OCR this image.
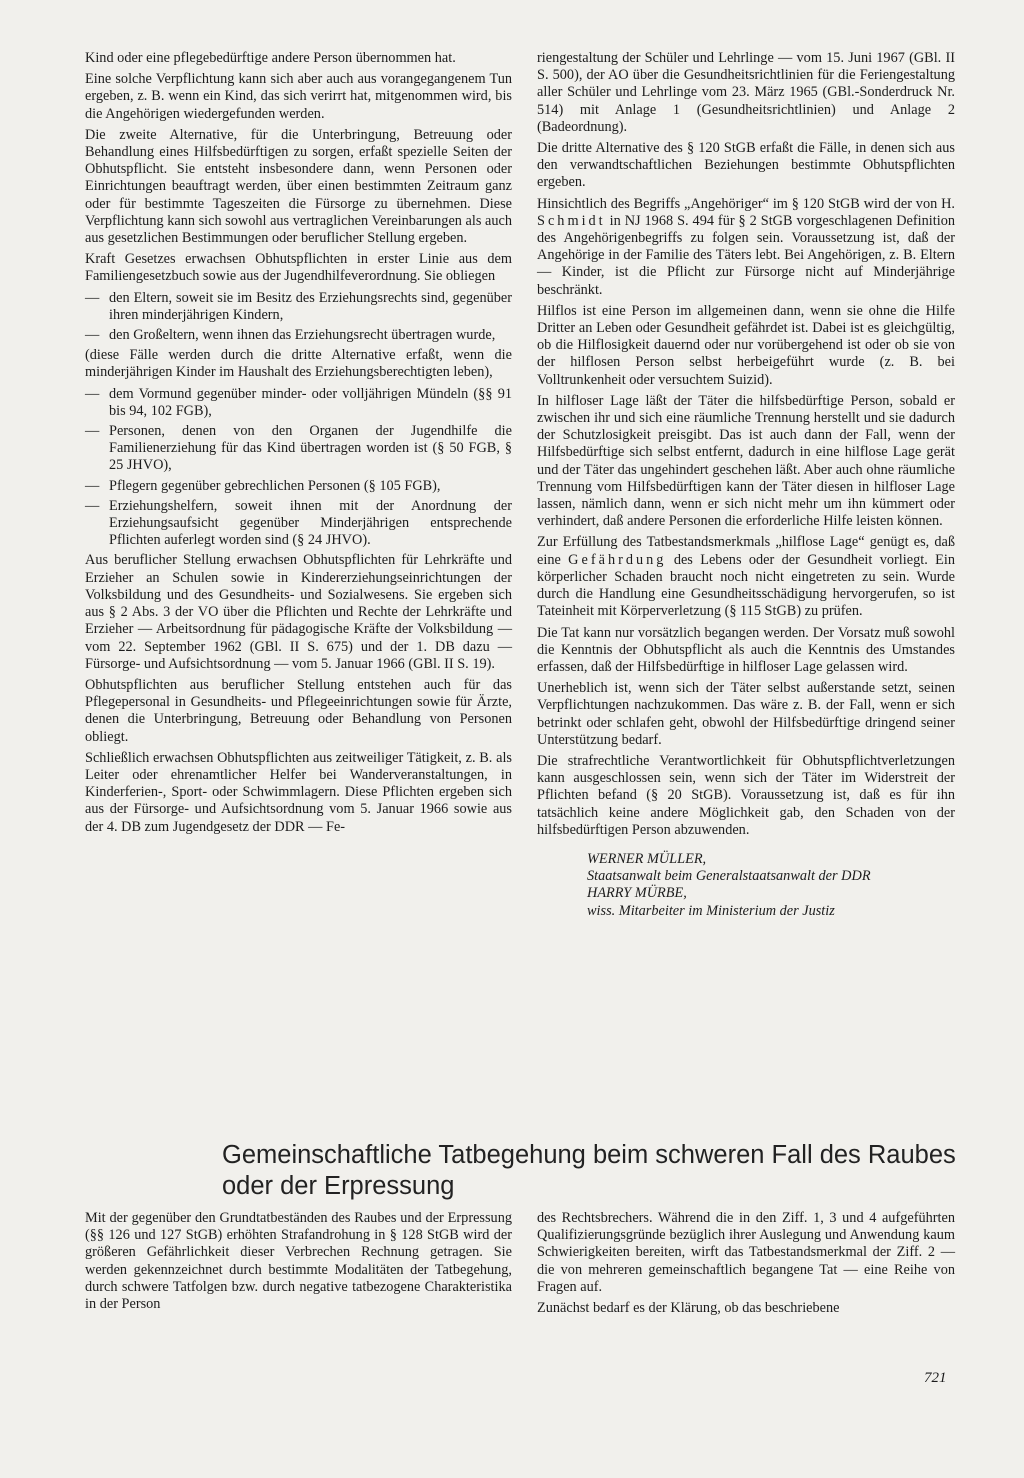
Kind oder eine pflegebedürftige andere Person übernommen hat.

Eine solche Verpflichtung kann sich aber auch aus vorangegangenem Tun ergeben, z. B. wenn ein Kind, das sich verirrt hat, mitgenommen wird, bis die Angehörigen wiedergefunden werden.

Die zweite Alternative, für die Unterbringung, Betreuung oder Behandlung eines Hilfsbedürftigen zu sorgen, erfaßt spezielle Seiten der Obhutspflicht. Sie entsteht insbesondere dann, wenn Personen oder Einrichtungen beauftragt werden, über einen bestimmten Zeitraum ganz oder für bestimmte Tageszeiten die Fürsorge zu übernehmen. Diese Verpflichtung kann sich sowohl aus vertraglichen Vereinbarungen als auch aus gesetzlichen Bestimmungen oder beruflicher Stellung ergeben.

Kraft Gesetzes erwachsen Obhutspflichten in erster Linie aus dem Familiengesetzbuch sowie aus der Jugendhilfeverordnung. Sie obliegen

— den Eltern, soweit sie im Besitz des Erziehungsrechts sind, gegenüber ihren minderjährigen Kindern,
— den Großeltern, wenn ihnen das Erziehungsrecht übertragen wurde,

(diese Fälle werden durch die dritte Alternative erfaßt, wenn die minderjährigen Kinder im Haushalt des Erziehungsberechtigten leben),

— dem Vormund gegenüber minder- oder volljährigen Mündeln (§§ 91 bis 94, 102 FGB),
— Personen, denen von den Organen der Jugendhilfe die Familienerziehung für das Kind übertragen worden ist (§ 50 FGB, § 25 JHVO),
— Pflegern gegenüber gebrechlichen Personen (§ 105 FGB),
— Erziehungshelfern, soweit ihnen mit der Anordnung der Erziehungsaufsicht gegenüber Minderjährigen entsprechende Pflichten auferlegt worden sind (§ 24 JHVO).

Aus beruflicher Stellung erwachsen Obhutspflichten für Lehrkräfte und Erzieher an Schulen sowie in Kindererziehungseinrichtungen der Volksbildung und des Gesundheits- und Sozialwesens. Sie ergeben sich aus § 2 Abs. 3 der VO über die Pflichten und Rechte der Lehrkräfte und Erzieher — Arbeitsordnung für pädagogische Kräfte der Volksbildung — vom 22. September 1962 (GBl. II S. 675) und der 1. DB dazu — Fürsorge- und Aufsichtsordnung — vom 5. Januar 1966 (GBl. II S. 19).

Obhutspflichten aus beruflicher Stellung entstehen auch für das Pflegepersonal in Gesundheits- und Pflegeeinrichtungen sowie für Ärzte, denen die Unterbringung, Betreuung oder Behandlung von Personen obliegt.

Schließlich erwachsen Obhutspflichten aus zeitweiliger Tätigkeit, z. B. als Leiter oder ehrenamtlicher Helfer bei Wanderveranstaltungen, in Kinderferien-, Sport- oder Schwimmlagern. Diese Pflichten ergeben sich aus der Fürsorge- und Aufsichtsordnung vom 5. Januar 1966 sowie aus der 4. DB zum Jugendgesetz der DDR — Fe-

riengestaltung der Schüler und Lehrlinge — vom 15. Juni 1967 (GBl. II S. 500), der AO über die Gesundheitsrichtlinien für die Feriengestaltung aller Schüler und Lehrlinge vom 23. März 1965 (GBl.-Sonderdruck Nr. 514) mit Anlage 1 (Gesundheitsrichtlinien) und Anlage 2 (Badeordnung).

Die dritte Alternative des § 120 StGB erfaßt die Fälle, in denen sich aus den verwandtschaftlichen Beziehungen bestimmte Obhutspflichten ergeben.

Hinsichtlich des Begriffs „Angehöriger“ im § 120 StGB wird der von H. Schmidt in NJ 1968 S. 494 für § 2 StGB vorgeschlagenen Definition des Angehörigenbegriffs zu folgen sein. Voraussetzung ist, daß der Angehörige in der Familie des Täters lebt. Bei Angehörigen, z. B. Eltern — Kinder, ist die Pflicht zur Fürsorge nicht auf Minderjährige beschränkt.

Hilflos ist eine Person im allgemeinen dann, wenn sie ohne die Hilfe Dritter an Leben oder Gesundheit gefährdet ist. Dabei ist es gleichgültig, ob die Hilflosigkeit dauernd oder nur vorübergehend ist oder ob sie von der hilflosen Person selbst herbeigeführt wurde (z. B. bei Volltrunkenheit oder versuchtem Suizid).

In hilfloser Lage läßt der Täter die hilfsbedürftige Person, sobald er zwischen ihr und sich eine räumliche Trennung herstellt und sie dadurch der Schutzlosigkeit preisgibt. Das ist auch dann der Fall, wenn der Hilfsbedürftige sich selbst entfernt, dadurch in eine hilflose Lage gerät und der Täter das ungehindert geschehen läßt. Aber auch ohne räumliche Trennung vom Hilfsbedürftigen kann der Täter diesen in hilfloser Lage lassen, nämlich dann, wenn er sich nicht mehr um ihn kümmert oder verhindert, daß andere Personen die erforderliche Hilfe leisten können.

Zur Erfüllung des Tatbestandsmerkmals „hilflose Lage“ genügt es, daß eine Gefährdung des Lebens oder der Gesundheit vorliegt. Ein körperlicher Schaden braucht noch nicht eingetreten zu sein. Wurde durch die Handlung eine Gesundheitsschädigung hervorgerufen, so ist Tateinheit mit Körperverletzung (§ 115 StGB) zu prüfen.

Die Tat kann nur vorsätzlich begangen werden. Der Vorsatz muß sowohl die Kenntnis der Obhutspflicht als auch die Kenntnis des Umstandes erfassen, daß der Hilfsbedürftige in hilfloser Lage gelassen wird.

Unerheblich ist, wenn sich der Täter selbst außerstande setzt, seinen Verpflichtungen nachzukommen. Das wäre z. B. der Fall, wenn er sich betrinkt oder schlafen geht, obwohl der Hilfsbedürftige dringend seiner Unterstützung bedarf.

Die strafrechtliche Verantwortlichkeit für Obhutspflichtverletzungen kann ausgeschlossen sein, wenn sich der Täter im Widerstreit der Pflichten befand (§ 20 StGB). Voraussetzung ist, daß es für ihn tatsächlich keine andere Möglichkeit gab, den Schaden von der hilfsbedürftigen Person abzuwenden.

WERNER MÜLLER,
Staatsanwalt beim Generalstaatsanwalt der DDR
HARRY MÜRBE,
wiss. Mitarbeiter im Ministerium der Justiz
Gemeinschaftliche Tatbegehung beim schweren Fall des Raubes
oder der Erpressung

Mit der gegenüber den Grundtatbeständen des Raubes und der Erpressung (§§ 126 und 127 StGB) erhöhten Strafandrohung in § 128 StGB wird der größeren Gefährlichkeit dieser Verbrechen Rechnung getragen. Sie werden gekennzeichnet durch bestimmte Modalitäten der Tatbegehung, durch schwere Tatfolgen bzw. durch negative tatbezogene Charakteristika in der Person

des Rechtsbrechers. Während die in den Ziff. 1, 3 und 4 aufgeführten Qualifizierungsgründe bezüglich ihrer Auslegung und Anwendung kaum Schwierigkeiten bereiten, wirft das Tatbestandsmerkmal der Ziff. 2 — die von mehreren gemeinschaftlich begangene Tat — eine Reihe von Fragen auf.

Zunächst bedarf es der Klärung, ob das beschriebene

721
